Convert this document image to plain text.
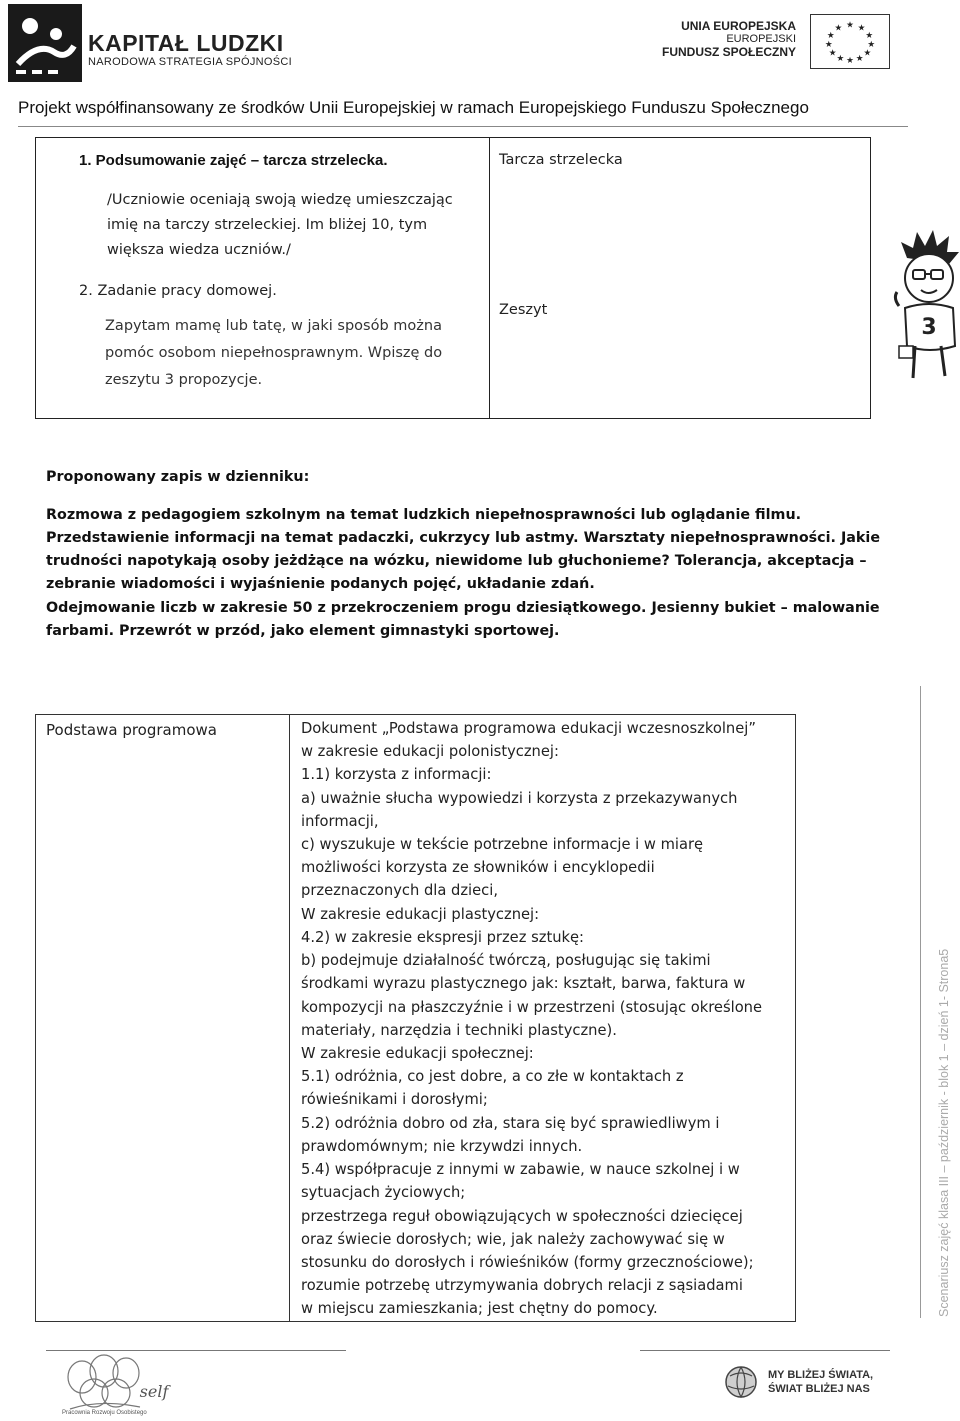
KAPITAŁ LUDZKI
NARODOWA STRATEGIA SPÓJNOŚCI
UNIA EUROPEJSKA
EUROPEJSKI
FUNDUSZ SPOŁECZNY
★ ★
★
★
★
★
★
★
★
★
★
★
Projekt współfinansowany ze środków Unii Europejskiej w ramach Europejskiego Funduszu Społecznego
1. Podsumowanie zajęć – tarcza strzelecka.
/Uczniowie oceniają swoją wiedzę umieszczając
imię na tarczy strzeleckiej. Im bliżej 10, tym
większa wiedza uczniów./
2. Zadanie pracy domowej.
Zapytam mamę lub tatę, w jaki sposób można
pomóc osobom niepełnosprawnym. Wpiszę do
zeszytu 3 propozycje.
Tarcza strzelecka
Zeszyt
3
Proponowany zapis w dzienniku:
Rozmowa z pedagogiem szkolnym na temat ludzkich niepełnosprawności lub oglądanie filmu.
Przedstawienie informacji na temat padaczki, cukrzycy lub astmy. Warsztaty niepełnosprawności. Jakie
trudności napotykają osoby jeżdżące na wózku, niewidome lub głuchonieme? Tolerancja, akceptacja –
zebranie wiadomości i wyjaśnienie podanych pojęć, układanie zdań.
Odejmowanie liczb w zakresie 50 z przekroczeniem progu dziesiątkowego. Jesienny bukiet – malowanie
farbami. Przewrót w przód, jako element gimnastyki sportowej.
Podstawa programowa	Dokument „Podstawa programowa edukacji wczesnoszkolnej”
w zakresie edukacji polonistycznej:
1.1) korzysta z informacji:
a) uważnie słucha wypowiedzi i korzysta z przekazywanych
informacji,
c) wyszukuje w tekście potrzebne informacje i w miarę
możliwości korzysta ze słowników i encyklopedii
przeznaczonych dla dzieci,
W zakresie edukacji plastycznej:
4.2) w zakresie ekspresji przez sztukę:
b) podejmuje działalność twórczą, posługując się takimi
środkami wyrazu plastycznego jak: kształt, barwa, faktura w
kompozycji na płaszczyźnie i w przestrzeni (stosując określone
materiały, narzędzia i techniki plastyczne).
W zakresie edukacji społecznej:
5.1) odróżnia, co jest dobre, a co złe w kontaktach z
rówieśnikami i dorosłymi;
5.2) odróżnia dobro od zła, stara się być sprawiedliwym i
prawdomównym; nie krzywdzi innych.
5.4) współpracuje z innymi w zabawie, w nauce szkolnej i w
sytuacjach życiowych;
przestrzega reguł obowiązujących w społeczności dziecięcej
oraz świecie dorosłych; wie, jak należy zachowywać się w
stosunku do dorosłych i rówieśników (formy grzecznościowe);
rozumie potrzebę utrzymywania dobrych relacji z sąsiadami
w miejscu zamieszkania; jest chętny do pomocy.	Scenariusz zajęć klasa III – październik - blok 1 – dzień 1- Strona5
self
Pracownia Rozwoju Osobistego
MY BLIŻEJ ŚWIATA,
ŚWIAT BLIŻEJ NAS
